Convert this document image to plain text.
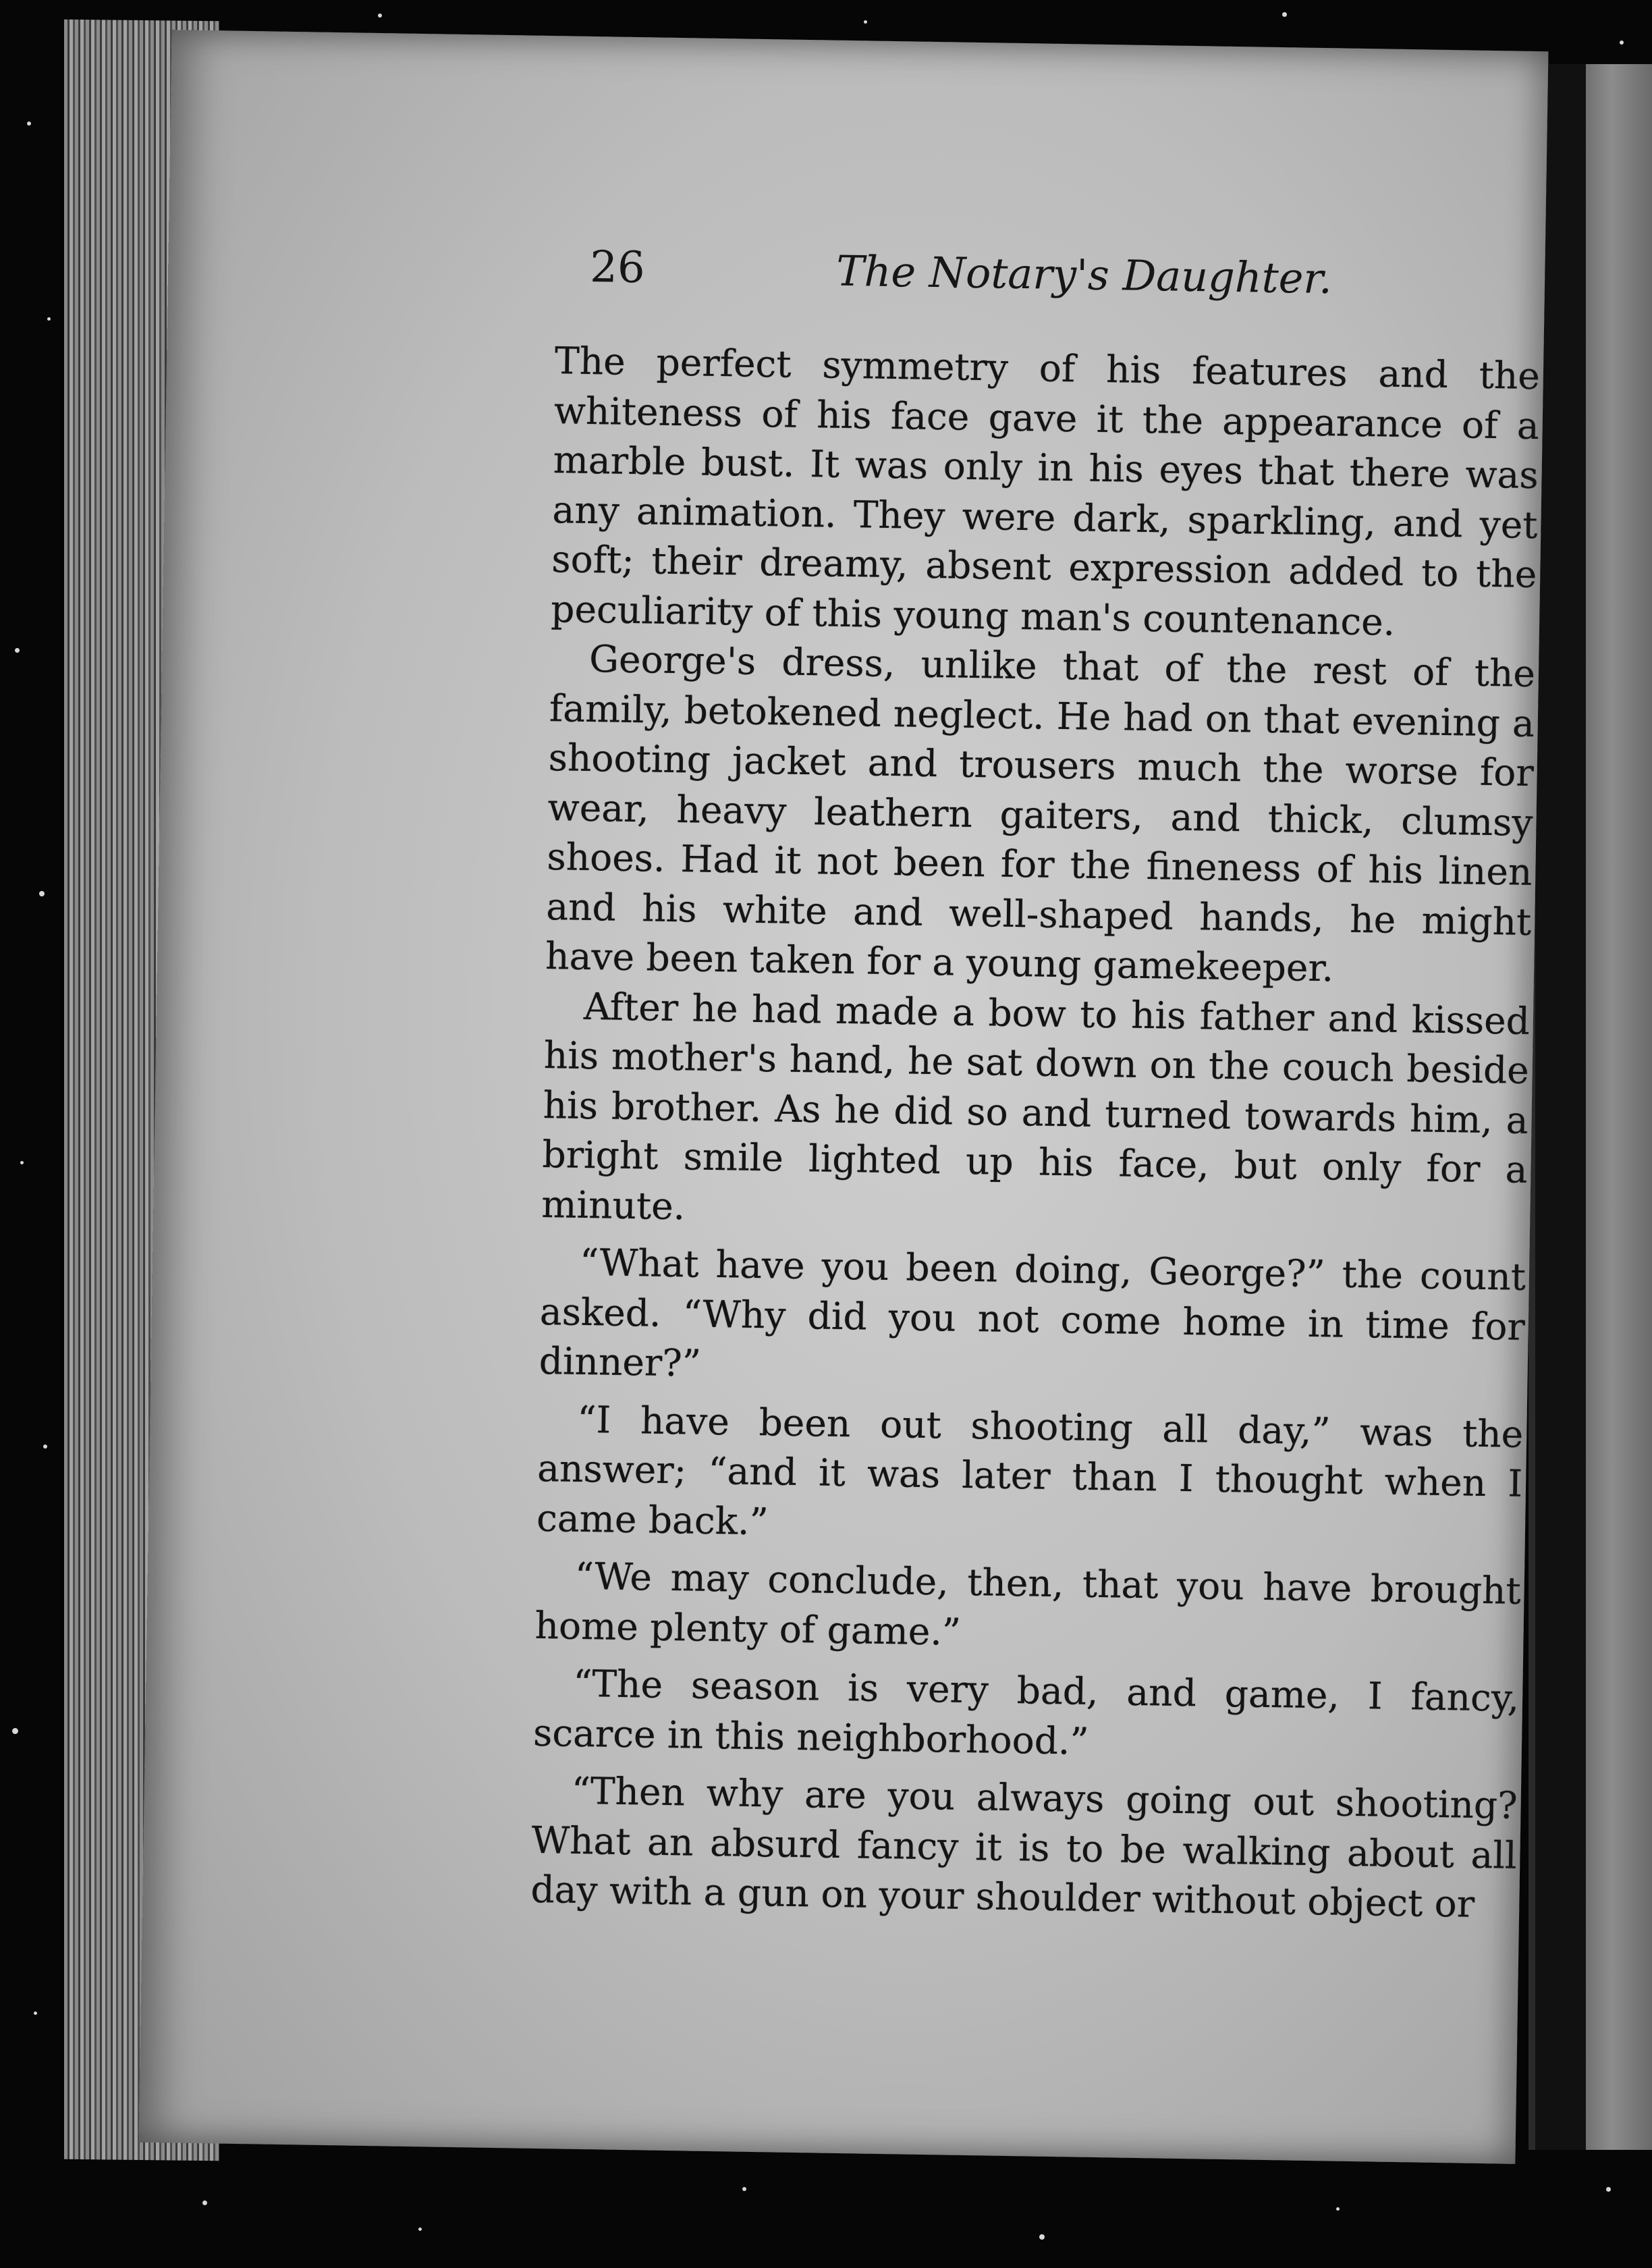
26	The Notary's Daughter.

The perfect symmetry of his features and the whiteness of his face gave it the appearance of a marble bust. It was only in his eyes that there was any animation. They were dark, sparkling, and yet soft; their dreamy, absent expression added to the peculiarity of this young man's countenance.

George's dress, unlike that of the rest of the family, betokened neglect. He had on that evening a shooting jacket and trousers much the worse for wear, heavy leathern gaiters, and thick, clumsy shoes. Had it not been for the fineness of his linen and his white and well-shaped hands, he might have been taken for a young gamekeeper.

After he had made a bow to his father and kissed his mother's hand, he sat down on the couch beside his brother. As he did so and turned towards him, a bright smile lighted up his face, but only for a minute.

“What have you been doing, George?” the count asked. “Why did you not come home in time for dinner?”

“I have been out shooting all day,” was the answer; “and it was later than I thought when I came back.”

“We may conclude, then, that you have brought home plenty of game.”

“The season is very bad, and game, I fancy, scarce in this neighborhood.”

“Then why are you always going out shooting? What an absurd fancy it is to be walking about all day with a gun on your shoulder without object or
